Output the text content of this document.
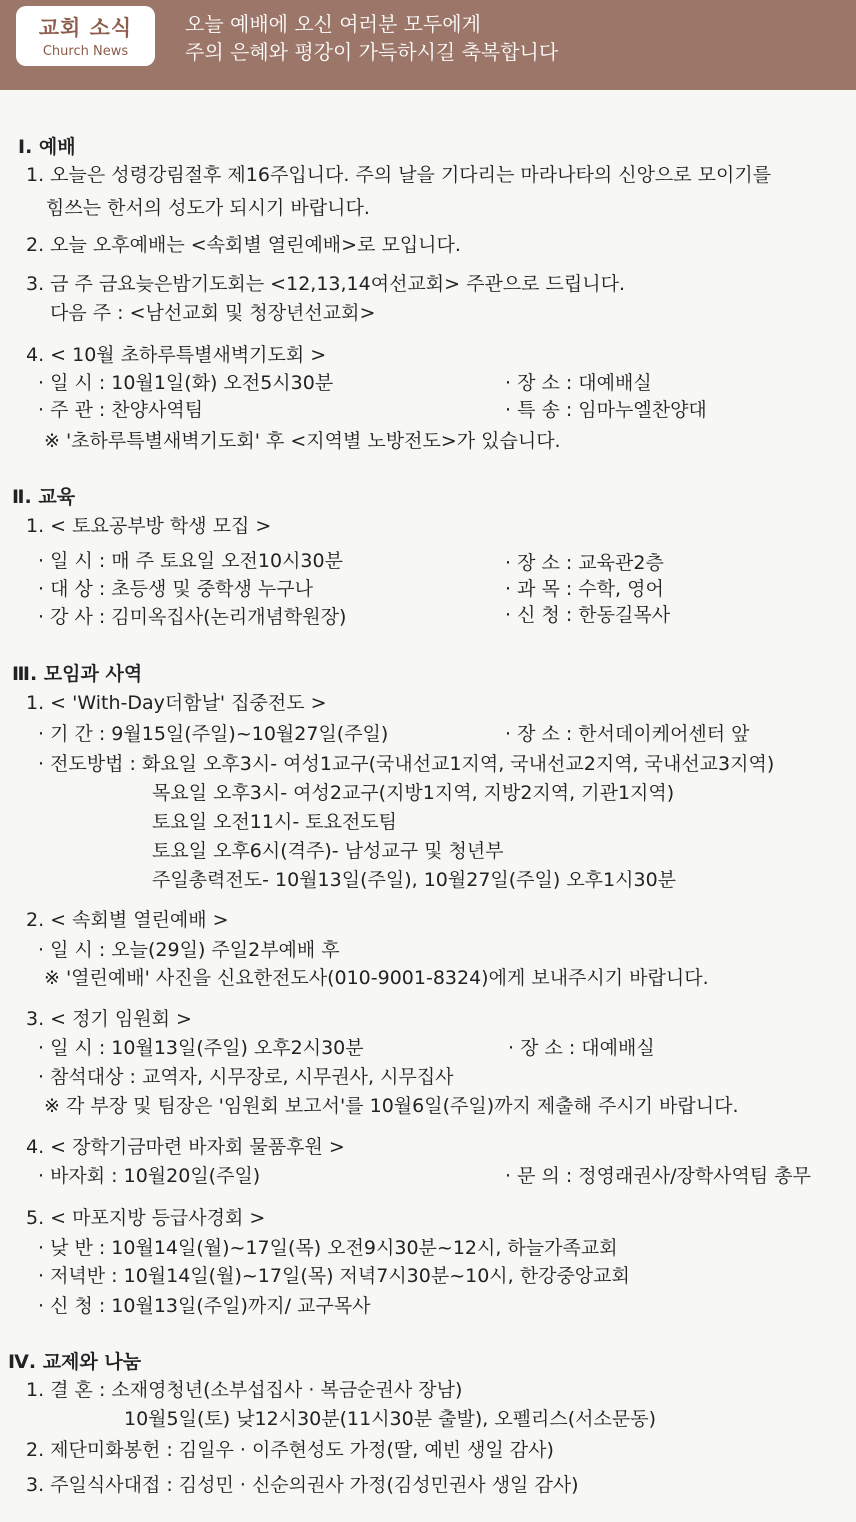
교회 소식
Church News
오늘 예배에 오신 여러분 모두에게
주의 은혜와 평강이 가득하시길 축복합니다
Ⅰ. 예배
1. 오늘은 성령강림절후 제16주입니다. 주의 날을 기다리는 마라나타의 신앙으로 모이기를
힘쓰는 한서의 성도가 되시기 바랍니다.
2. 오늘 오후예배는 <속회별 열린예배>로 모입니다.
3. 금 주 금요늦은밤기도회는 <12,13,14여선교회> 주관으로 드립니다.
다음 주 : <남선교회 및 청장년선교회>
4. < 10월 초하루특별새벽기도회 >
· 일 시 : 10월1일(화) 오전5시30분	· 장 소 : 대예배실
· 주 관 : 찬양사역팀	· 특 송 : 임마누엘찬양대
※ '초하루특별새벽기도회' 후 <지역별 노방전도>가 있습니다.
Ⅱ. 교육
1. < 토요공부방 학생 모집 >
· 일 시 : 매 주 토요일 오전10시30분	· 장 소 : 교육관2층
· 대 상 : 초등생 및 중학생 누구나	· 과 목 : 수학, 영어
· 강 사 : 김미옥집사(논리개념학원장)	· 신 청 : 한동길목사
Ⅲ. 모임과 사역
1. < 'With-Day더함날' 집중전도 >
· 기 간 : 9월15일(주일)~10월27일(주일)	· 장 소 : 한서데이케어센터 앞
· 전도방법 : 화요일 오후3시- 여성1교구(국내선교1지역, 국내선교2지역, 국내선교3지역)
목요일 오후3시- 여성2교구(지방1지역, 지방2지역, 기관1지역)
토요일 오전11시- 토요전도팀
토요일 오후6시(격주)- 남성교구 및 청년부
주일총력전도- 10월13일(주일), 10월27일(주일) 오후1시30분
2. < 속회별 열린예배 >
· 일 시 : 오늘(29일) 주일2부예배 후
※ '열린예배' 사진을 신요한전도사(010-9001-8324)에게 보내주시기 바랍니다.
3. < 정기 임원회 >
· 일 시 : 10월13일(주일) 오후2시30분	· 장 소 : 대예배실
· 참석대상 : 교역자, 시무장로, 시무권사, 시무집사
※ 각 부장 및 팀장은 '임원회 보고서'를 10월6일(주일)까지 제출해 주시기 바랍니다.
4. < 장학기금마련 바자회 물품후원 >
· 바자회 : 10월20일(주일)	· 문 의 : 정영래권사/장학사역팀 총무
5. < 마포지방 등급사경회 >
· 낮 반 : 10월14일(월)~17일(목) 오전9시30분~12시, 하늘가족교회
· 저녁반 : 10월14일(월)~17일(목) 저녁7시30분~10시, 한강중앙교회
· 신 청 : 10월13일(주일)까지/ 교구목사
Ⅳ. 교제와 나눔
1. 결 혼 : 소재영청년(소부섭집사 · 복금순권사 장남)
10월5일(토) 낮12시30분(11시30분 출발), 오펠리스(서소문동)
2. 제단미화봉헌 : 김일우 · 이주현성도 가정(딸, 예빈 생일 감사)
3. 주일식사대접 : 김성민 · 신순의권사 가정(김성민권사 생일 감사)
